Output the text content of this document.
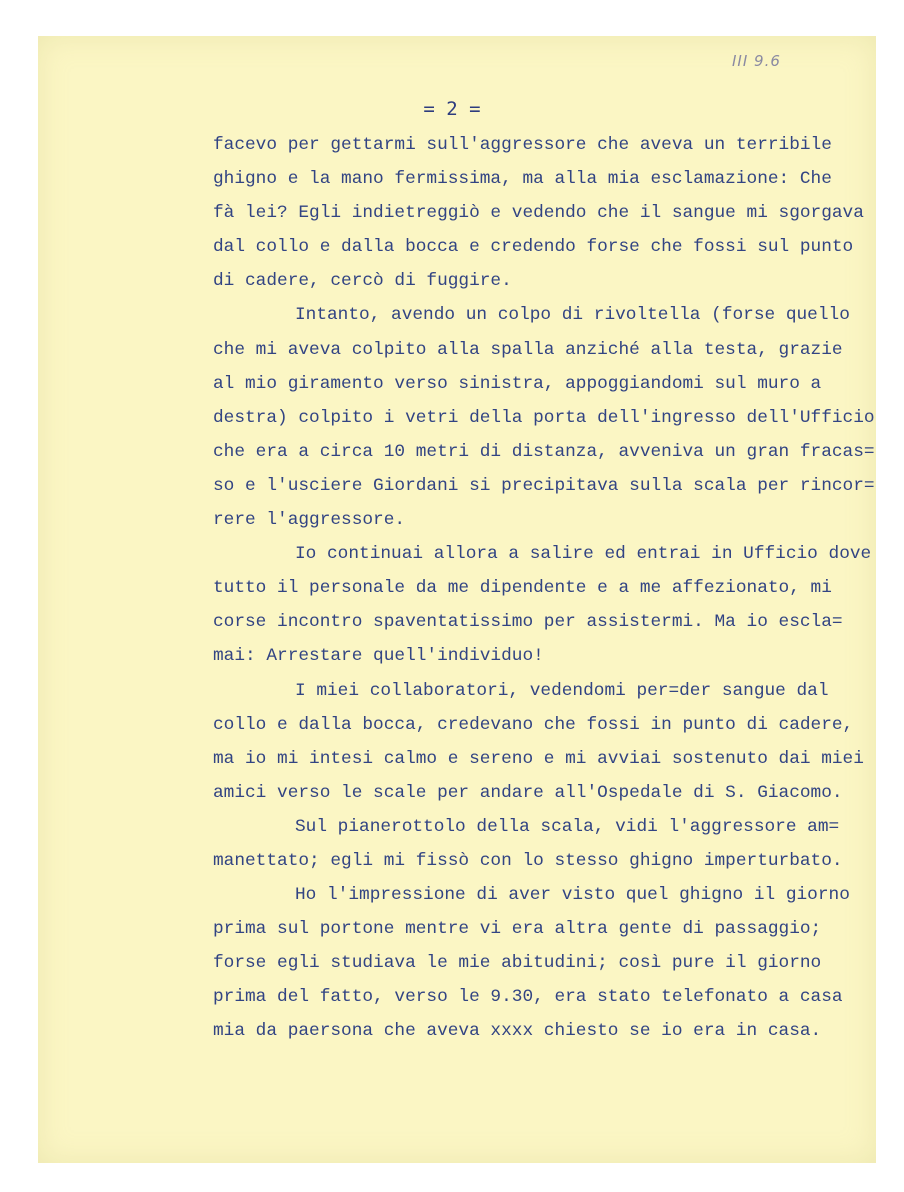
III 9.6
= 2 =
facevo per gettarmi sull'aggressore che aveva un terribile
ghigno e la mano fermissima, ma alla mia esclamazione: Che
fà lei? Egli indietreggiò e vedendo che il sangue mi sgorgava
dal collo e dalla bocca e credendo forse che fossi sul punto
di cadere, cercò di fuggire.
Intanto, avendo un colpo di rivoltella (forse quello
che mi aveva colpito alla spalla anziché alla testa, grazie
al mio giramento verso sinistra, appoggiandomi sul muro a
destra) colpito i vetri della porta dell'ingresso dell'Ufficio
che era a circa 10 metri di distanza, avveniva un gran fracas=
so e l'usciere Giordani si precipitava sulla scala per rincor=
rere l'aggressore.
Io continuai allora a salire ed entrai in Ufficio dove
tutto il personale da me dipendente e a me affezionato, mi
corse incontro spaventatissimo per assistermi. Ma io escla=
mai: Arrestare quell'individuo!
I miei collaboratori, vedendomi per=der sangue dal
collo e dalla bocca, credevano che fossi in punto di cadere,
ma io mi intesi calmo e sereno e mi avviai sostenuto dai miei
amici verso le scale per andare all'Ospedale di S. Giacomo.
Sul pianerottolo della scala, vidi l'aggressore am=
manettato; egli mi fissò con lo stesso ghigno imperturbato.
Ho l'impressione di aver visto quel ghigno il giorno
prima sul portone mentre vi era altra gente di passaggio;
forse egli studiava le mie abitudini; così pure il giorno
prima del fatto, verso le 9.30, era stato telefonato a casa
mia da paersona che aveva xxxx chiesto se io era in casa.
